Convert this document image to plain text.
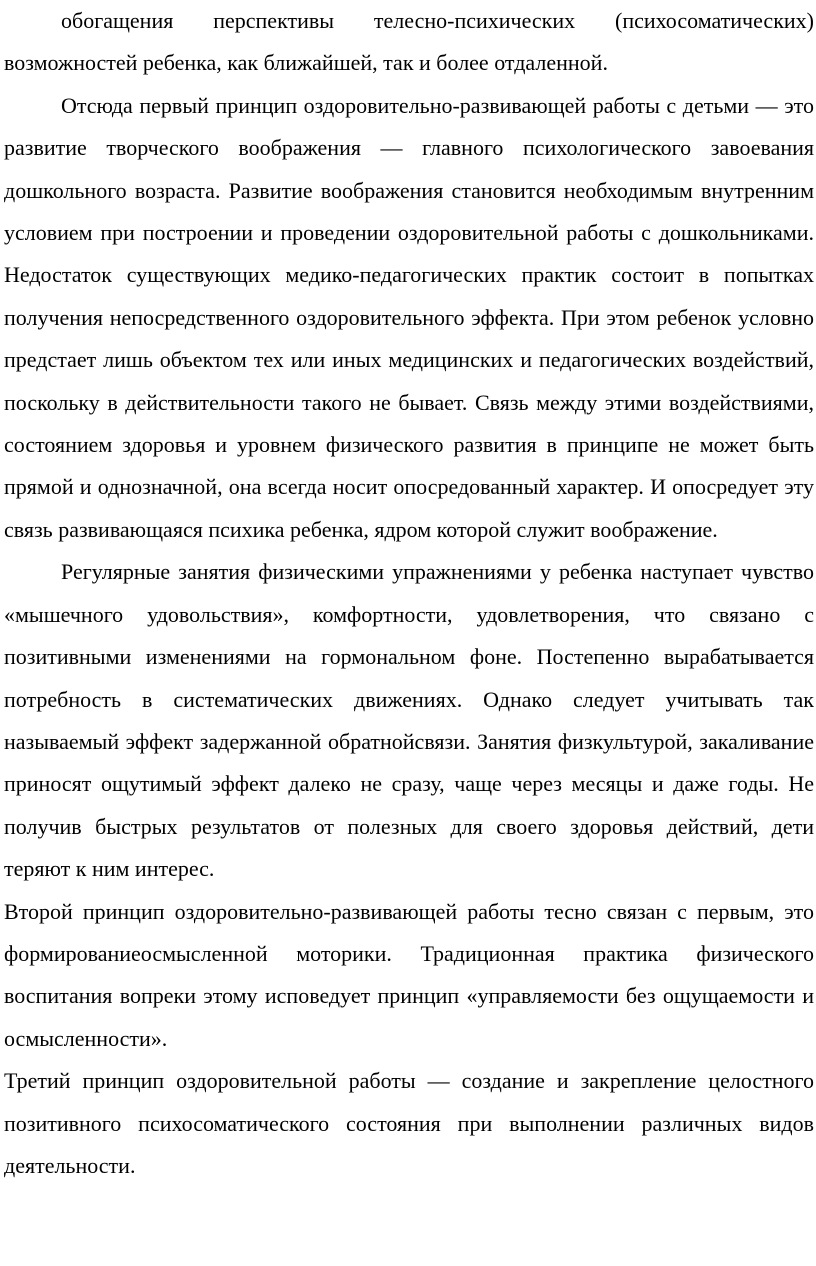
обогащения перспективы телесно-психических (психосоматических) возможностей ребенка, как ближайшей, так и более отдаленной.

Отсюда первый принцип оздоровительно-развивающей работы с детьми — это развитие творческого воображения — главного психологического завоевания дошкольного возраста. Развитие воображения становится необходимым внутренним условием при построении и проведении оздоровительной работы с дошкольниками. Недостаток существующих медико-педагогических практик состоит в попытках получения непосредственного оздоровительного эффекта. При этом ребенок условно предстает лишь объектом тех или иных медицинских и педагогических воздействий, поскольку в действительности такого не бывает. Связь между этими воздействиями, состоянием здоровья и уровнем физического развития в принципе не может быть прямой и однозначной, она всегда носит опосредованный характер. И опосредует эту связь развивающаяся психика ребенка, ядром которой служит воображение.

Регулярные занятия физическими упражнениями у ребенка наступает чувство «мышечного удовольствия», комфортности, удовлетворения, что связано с позитивными изменениями на гормональном фоне. Постепенно вырабатывается потребность в систематических движениях. Однако следует учитывать так называемый эффект задержанной обратнойсвязи. Занятия физкультурой, закаливание приносят ощутимый эффект далеко не сразу, чаще через месяцы и даже годы. Не получив быстрых результатов от полезных для своего здоровья действий, дети теряют к ним интерес.

Второй принцип оздоровительно-развивающей работы тесно связан с первым, это формированиеосмысленной моторики. Традиционная практика физического воспитания вопреки этому исповедует принцип «управляемости без ощущаемости и осмысленности».

Третий принцип оздоровительной работы — создание и закрепление целостного позитивного психосоматического состояния при выполнении различных видов деятельности.
